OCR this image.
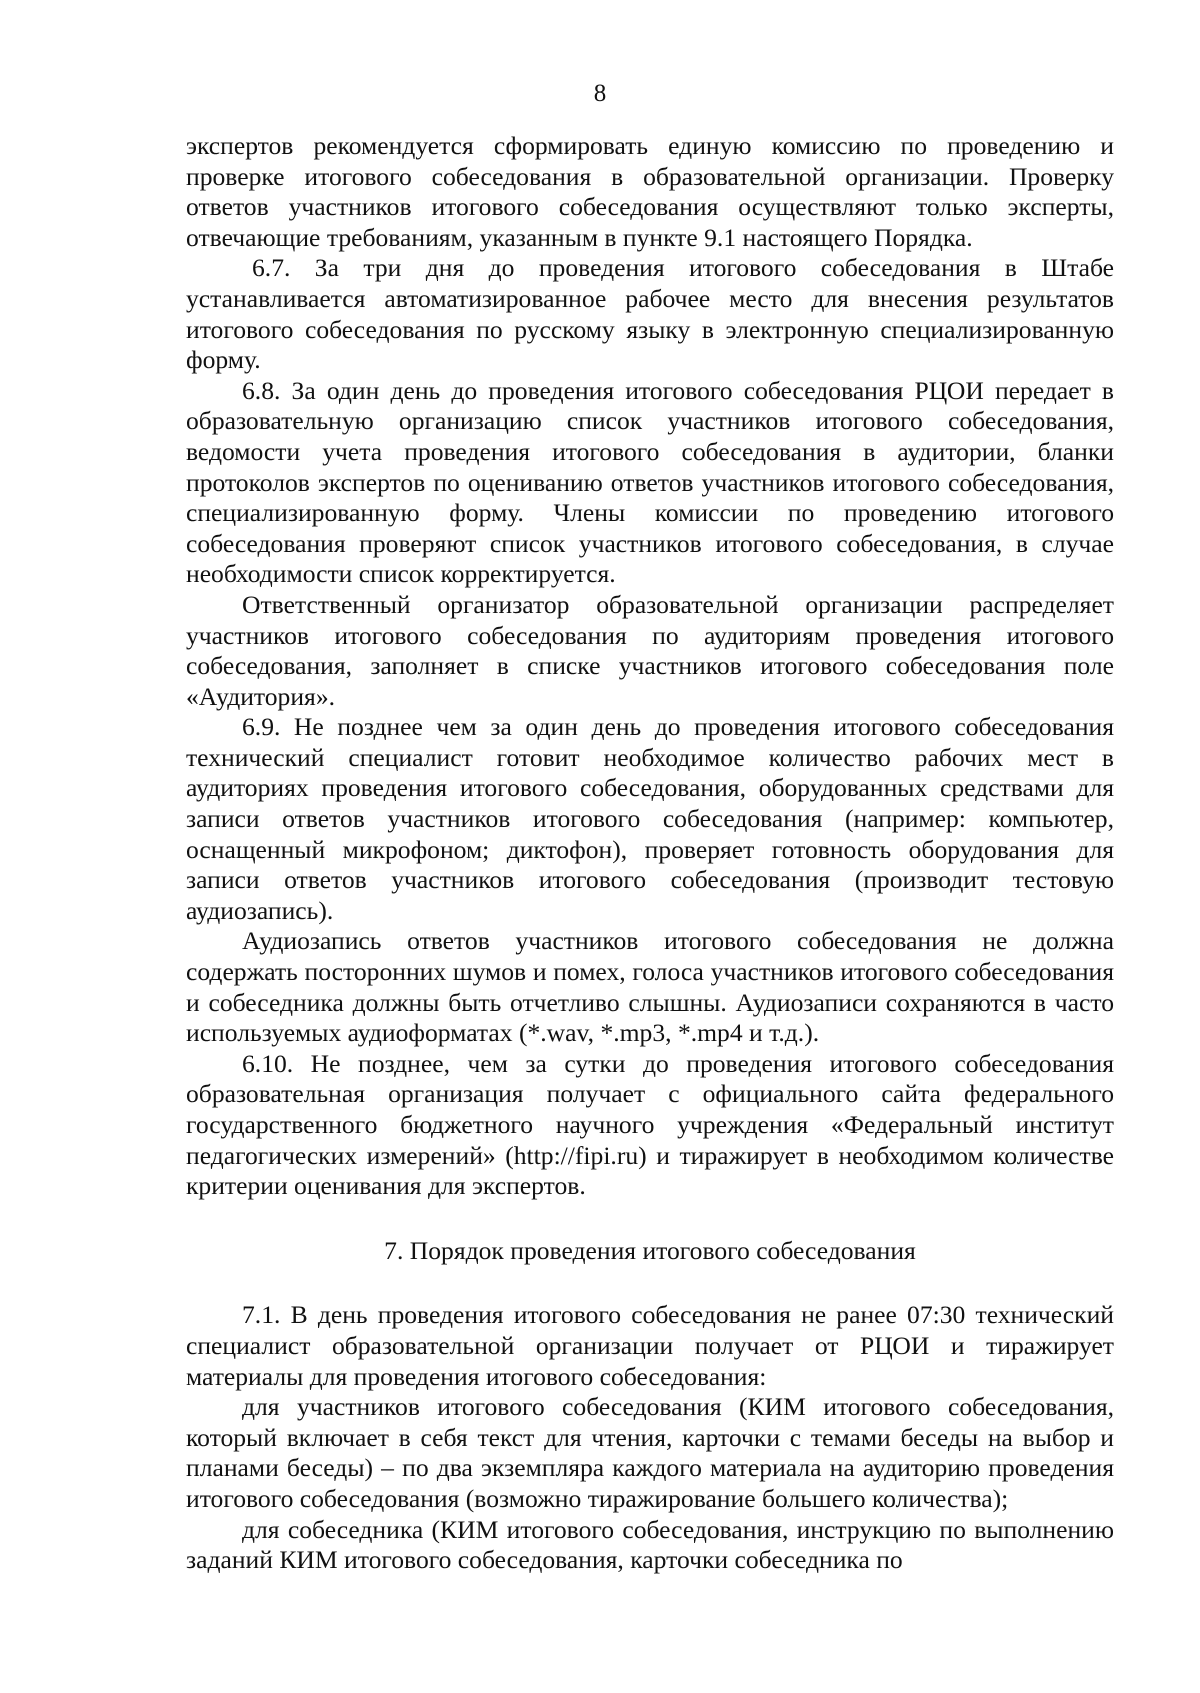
8

экспертов рекомендуется сформировать единую комиссию по проведению и проверке итогового собеседования в образовательной организации. Проверку ответов участников итогового собеседования осуществляют только эксперты, отвечающие требованиям, указанным в пункте 9.1 настоящего Порядка.

6.7. За три дня до проведения итогового собеседования в Штабе устанавливается автоматизированное рабочее место для внесения результатов итогового собеседования по русскому языку в электронную специализированную форму.

6.8. За один день до проведения итогового собеседования РЦОИ передает в образовательную организацию список участников итогового собеседования, ведомости учета проведения итогового собеседования в аудитории, бланки протоколов экспертов по оцениванию ответов участников итогового собеседования, специализированную форму. Члены комиссии по проведению итогового собеседования проверяют список участников итогового собеседования, в случае необходимости список корректируется.

Ответственный организатор образовательной организации распределяет участников итогового собеседования по аудиториям проведения итогового собеседования, заполняет в списке участников итогового собеседования поле «Аудитория».

6.9. Не позднее чем за один день до проведения итогового собеседования технический специалист готовит необходимое количество рабочих мест в аудиториях проведения итогового собеседования, оборудованных средствами для записи ответов участников итогового собеседования (например: компьютер, оснащенный микрофоном; диктофон), проверяет готовность оборудования для записи ответов участников итогового собеседования (производит тестовую аудиозапись).

Аудиозапись ответов участников итогового собеседования не должна содержать посторонних шумов и помех, голоса участников итогового собеседования и собеседника должны быть отчетливо слышны. Аудиозаписи сохраняются в часто используемых аудиоформатах (*.wav, *.mp3, *.mp4 и т.д.).

6.10. Не позднее, чем за сутки до проведения итогового собеседования образовательная организация получает с официального сайта федерального государственного бюджетного научного учреждения «Федеральный институт педагогических измерений» (http://fipi.ru) и тиражирует в необходимом количестве критерии оценивания для экспертов.

7. Порядок проведения итогового собеседования

7.1. В день проведения итогового собеседования не ранее 07:30 технический специалист образовательной организации получает от РЦОИ и тиражирует материалы для проведения итогового собеседования:

для участников итогового собеседования (КИМ итогового собеседования, который включает в себя текст для чтения, карточки с темами беседы на выбор и планами беседы) – по два экземпляра каждого материала на аудиторию проведения итогового собеседования (возможно тиражирование большего количества);

для собеседника (КИМ итогового собеседования, инструкцию по выполнению заданий КИМ итогового собеседования, карточки собеседника по
